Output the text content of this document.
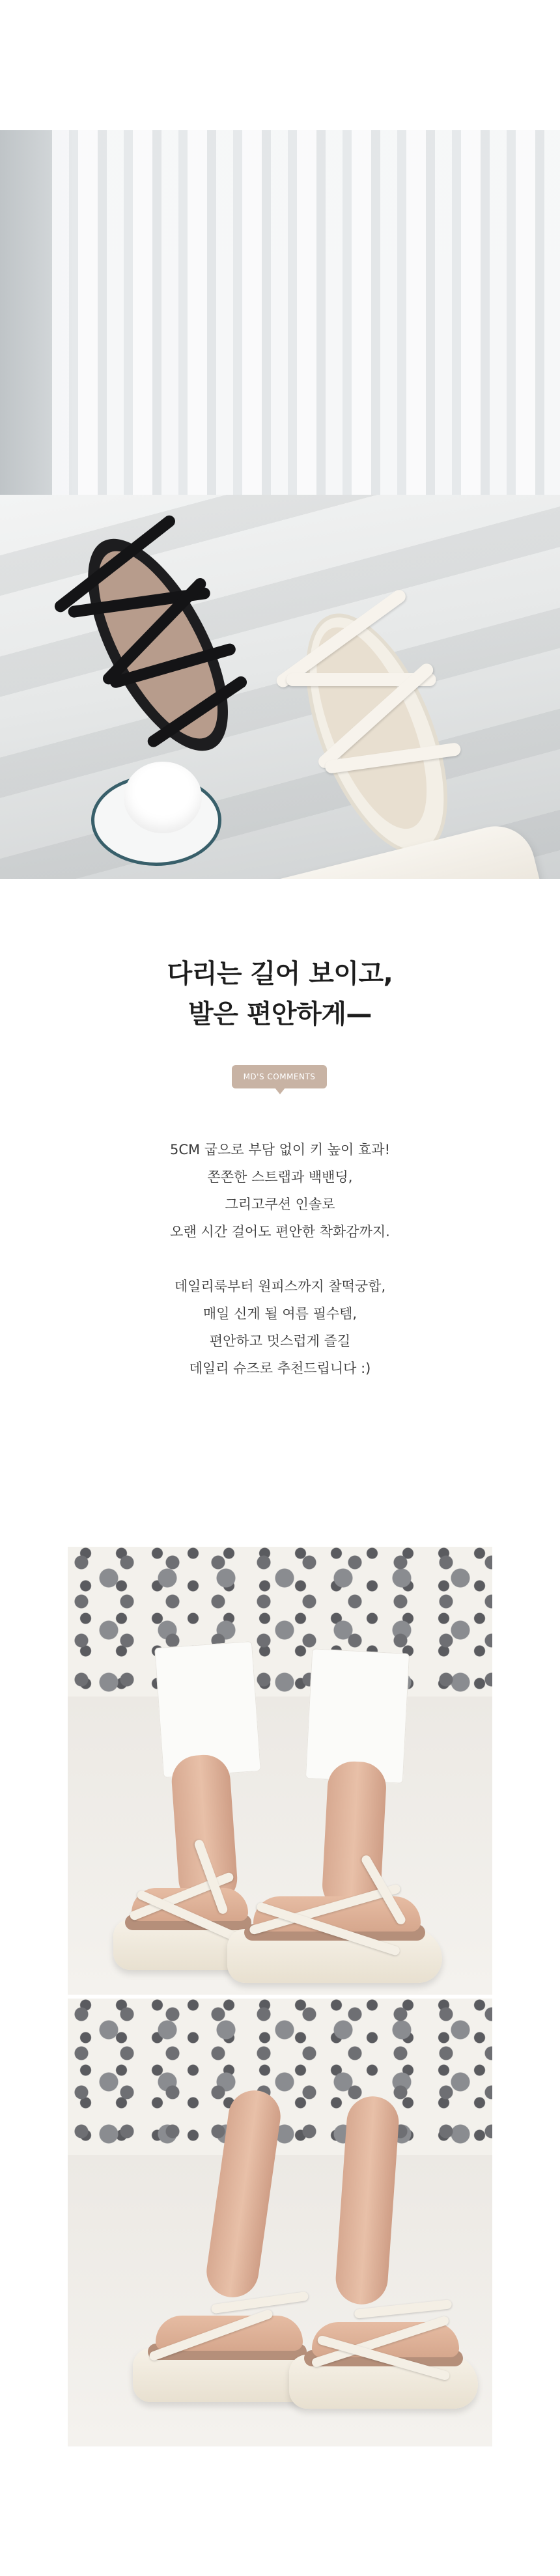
다리는 길어 보이고,
발은 편안하게—
MD'S COMMENTS

5CM 굽으로 부담 없이 키 높이 효과!

쫀쫀한 스트랩과 백밴딩,

그리고쿠션 인솔로

오랜 시간 걸어도 편안한 착화감까지.

데일리룩부터 원피스까지 찰떡궁합,

매일 신게 될 여름 필수템,

편안하고 멋스럽게 즐길

데일리 슈즈로 추천드립니다 :)
